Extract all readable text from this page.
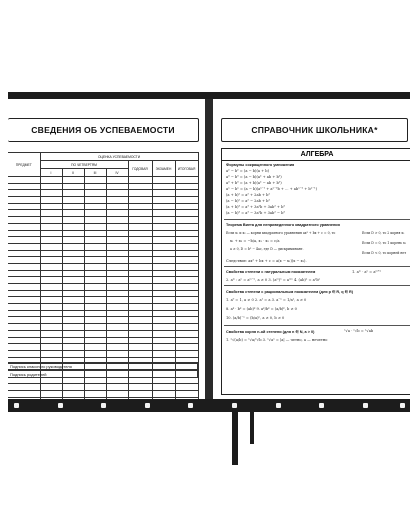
СВЕДЕНИЯ ОБ УСПЕВАЕМОСТИ
ПРЕДМЕТ	ОЦЕНКА УСПЕВАЕМОСТИ						
	ПО ЧЕТВЕРТЯМ				ГОДОВАЯ	ЭКЗАМЕН	ИТОГОВАЯ
	I	II	III	IV			

Подпись классного руководителя
Подпись родителей
СПРАВОЧНИК ШКОЛЬНИКА*
АЛГЕБРА
Формулы сокращенного умножения
a² − b² = (a − b)(a + b)
a³ − b³ = (a − b)(a² + ab + b²)
a³ + b³ = (a + b)(a² − ab + b²)
aⁿ − bⁿ = (a − b)(aⁿ⁻¹ + aⁿ⁻²b + ... + abⁿ⁻² + bⁿ⁻¹)
(a + b)² = a² + 2ab + b²
(a − b)² = a² − 2ab + b²
(a + b)³ = a³ + 3a²b + 3ab² + b³
(a − b)³ = a³ − 3a²b + 3ab² − b³
Теорема Виета для неприведенного квадратного уравнения
Если x₁ и x₂ — корни квадратного уравнения ax² + bx + c = 0, то
x₁ + x₂ = −b/a, x₁ · x₂ = c/a
a ≠ 0, D = b² − 4ac, где D — дискриминант.
Если D > 0, то 2 корня x₁
Если D = 0, то 1 корень x₁
Если D < 0, то корней нет
Следствие: ax² + bx + c = a(x − x₁)(x − x₂).
Свойства степени с натуральным показателем	1. aᵐ · aⁿ = aᵐ⁺ⁿ
2. aᵐ : aⁿ = aᵐ⁻ⁿ, a ≠ 0 3. (aᵐ)ⁿ = aᵐⁿ 4. (ab)ⁿ = aⁿbⁿ
Свойства степени с рациональным показателем (для p ∈ R, q ∈ R)
1. a⁰ = 1, a ≠ 0 2. a¹ = a 3. a⁻ⁿ = 1/aⁿ, a ≠ 0
8. aᵖ · bᵖ = (ab)ᵖ 9. aᵖ/bᵖ = (a/b)ᵖ, b ≠ 0
10. (a/b)⁻ⁿ = (b/a)ⁿ, a ≠ 0, b ≠ 0
Свойства корня n-ой степени (для n ∈ N, a > 0)	ⁿ√a · ⁿ√b = ⁿ√ab
1. ⁿ√(a/b) = ⁿ√a/ⁿ√b 3. ⁿ√aⁿ = |a| — четно, a — нечетно
